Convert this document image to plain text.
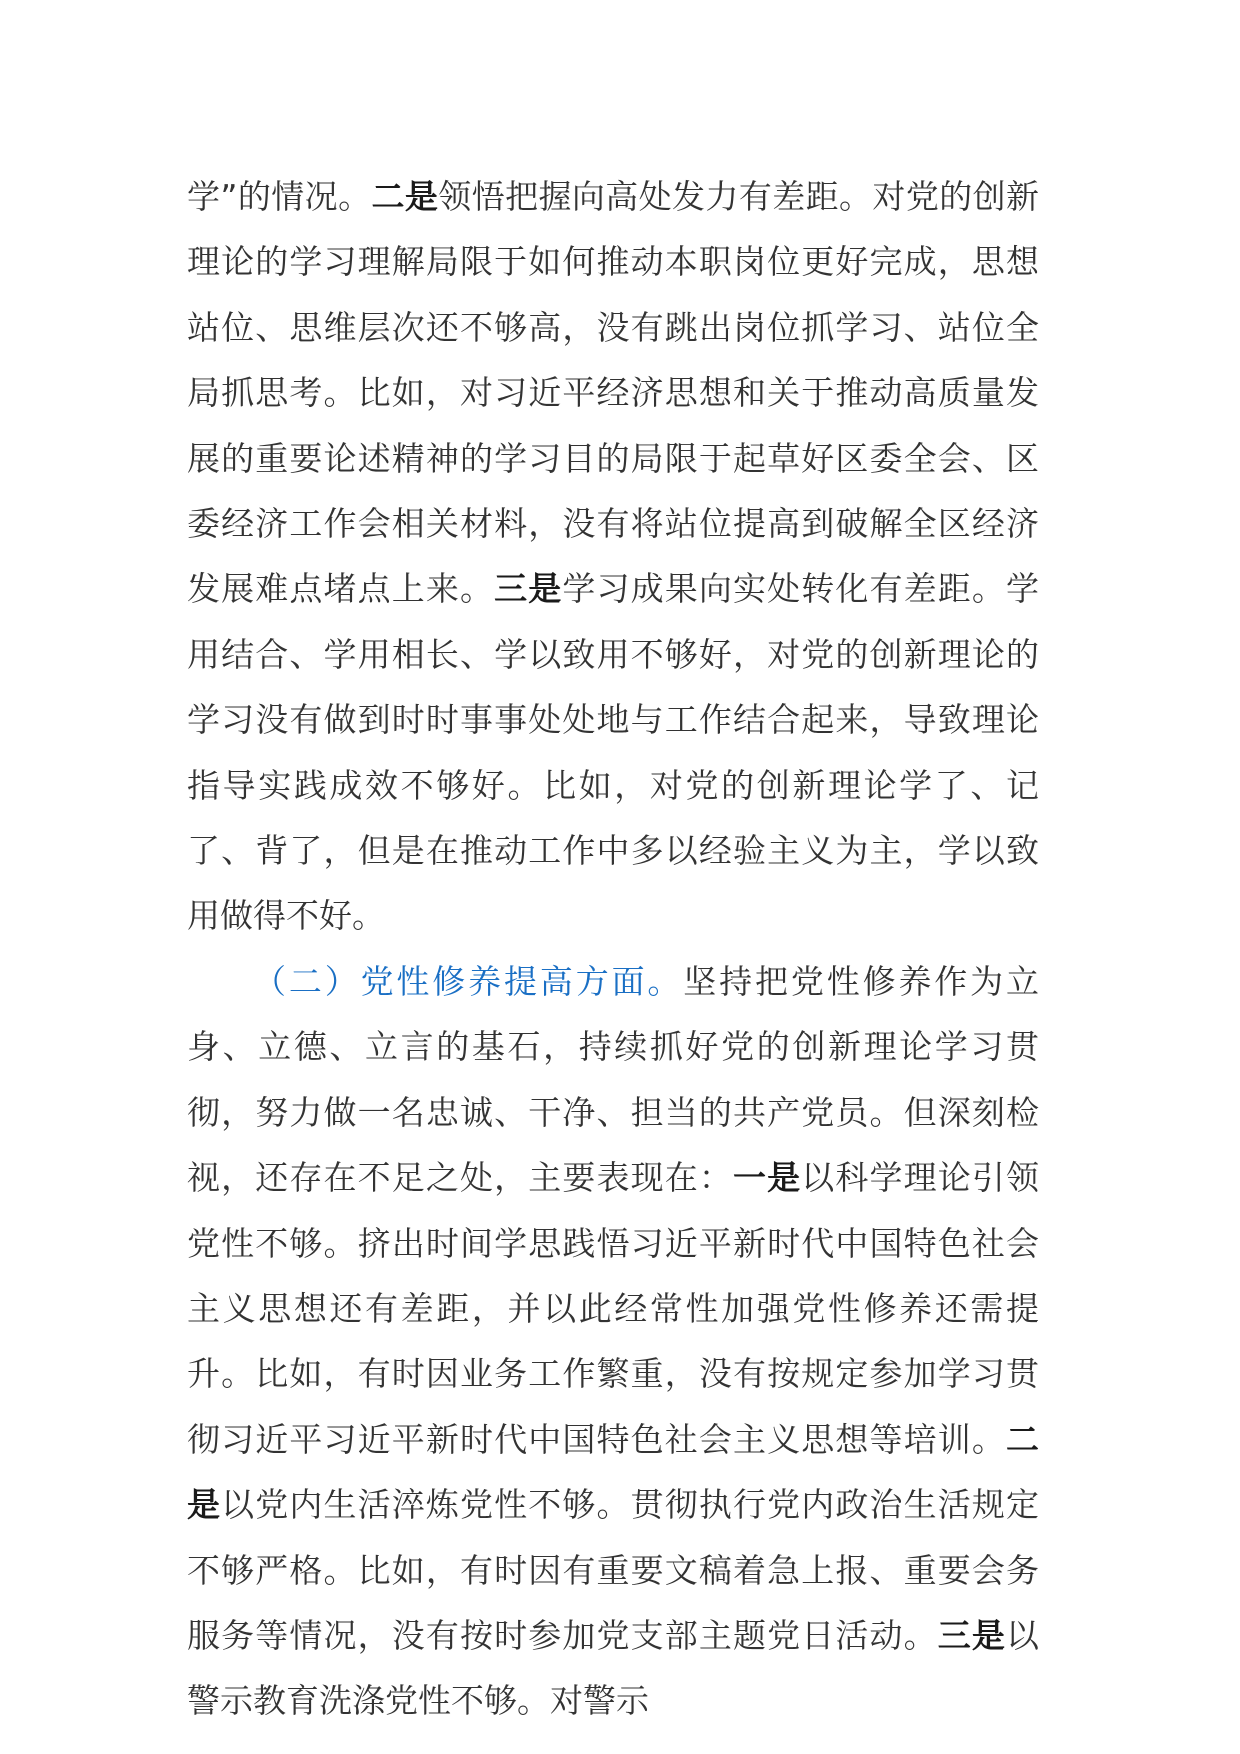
学”的情况。二是领悟把握向高处发力有差距。对党的创新理论的学习理解局限于如何推动本职岗位更好完成，思想站位、思维层次还不够高，没有跳出岗位抓学习、站位全局抓思考。比如，对习近平经济思想和关于推动高质量发展的重要论述精神的学习目的局限于起草好区委全会、区委经济工作会相关材料，没有将站位提高到破解全区经济发展难点堵点上来。三是学习成果向实处转化有差距。学用结合、学用相长、学以致用不够好，对党的创新理论的学习没有做到时时事事处处地与工作结合起来，导致理论指导实践成效不够好。比如，对党的创新理论学了、记了、背了，但是在推动工作中多以经验主义为主，学以致用做得不好。

（二）党性修养提高方面。坚持把党性修养作为立身、立德、立言的基石，持续抓好党的创新理论学习贯彻，努力做一名忠诚、干净、担当的共产党员。但深刻检视，还存在不足之处，主要表现在：一是以科学理论引领党性不够。挤出时间学思践悟习近平新时代中国特色社会主义思想还有差距，并以此经常性加强党性修养还需提升。比如，有时因业务工作繁重，没有按规定参加学习贯彻习近平习近平新时代中国特色社会主义思想等培训。二是以党内生活淬炼党性不够。贯彻执行党内政治生活规定不够严格。比如，有时因有重要文稿着急上报、重要会务服务等情况，没有按时参加党支部主题党日活动。三是以警示教育洗涤党性不够。对警示
